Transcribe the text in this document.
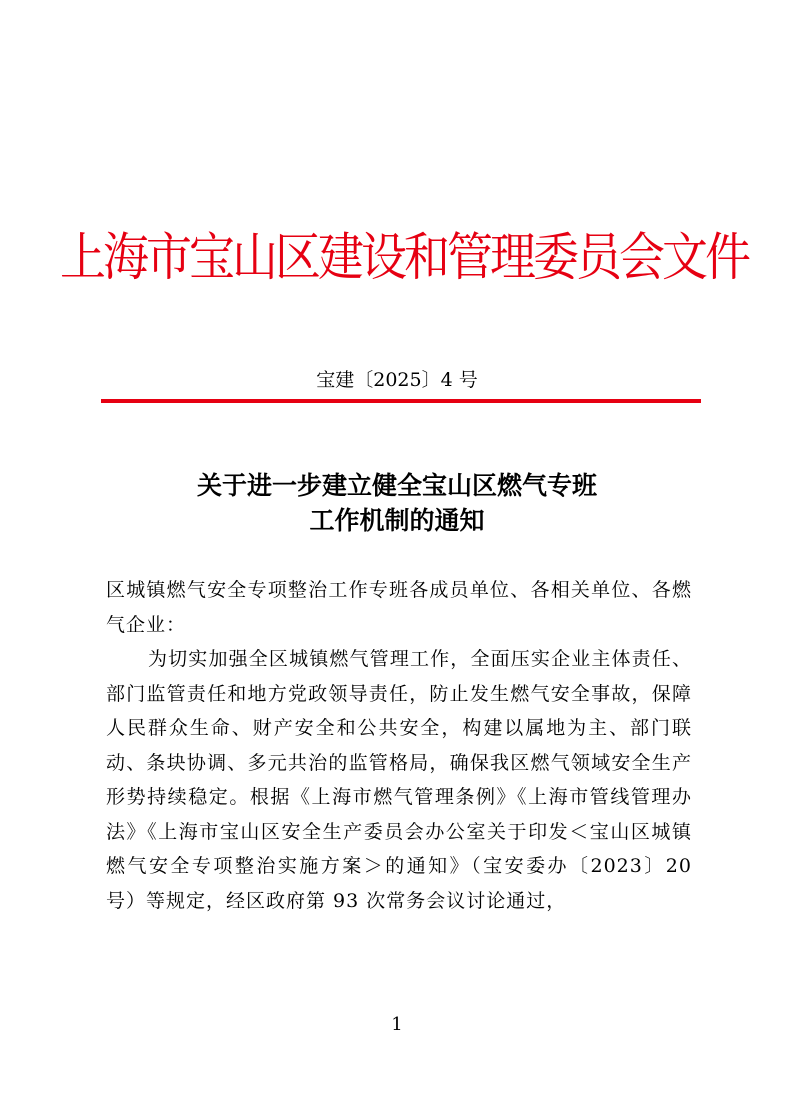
上海市宝山区建设和管理委员会文件
宝建〔2025〕4 号
关于进一步建立健全宝山区燃气专班
工作机制的通知

区城镇燃气安全专项整治工作专班各成员单位、各相关单位、各燃气企业：

为切实加强全区城镇燃气管理工作，全面压实企业主体责任、部门监管责任和地方党政领导责任，防止发生燃气安全事故，保障人民群众生命、财产安全和公共安全，构建以属地为主、部门联动、条块协调、多元共治的监管格局，确保我区燃气领域安全生产形势持续稳定。根据《上海市燃气管理条例》《上海市管线管理办法》《上海市宝山区安全生产委员会办公室关于印发＜宝山区城镇燃气安全专项整治实施方案＞的通知》（宝安委办〔2023〕20 号）等规定，经区政府第 93 次常务会议讨论通过，

1
